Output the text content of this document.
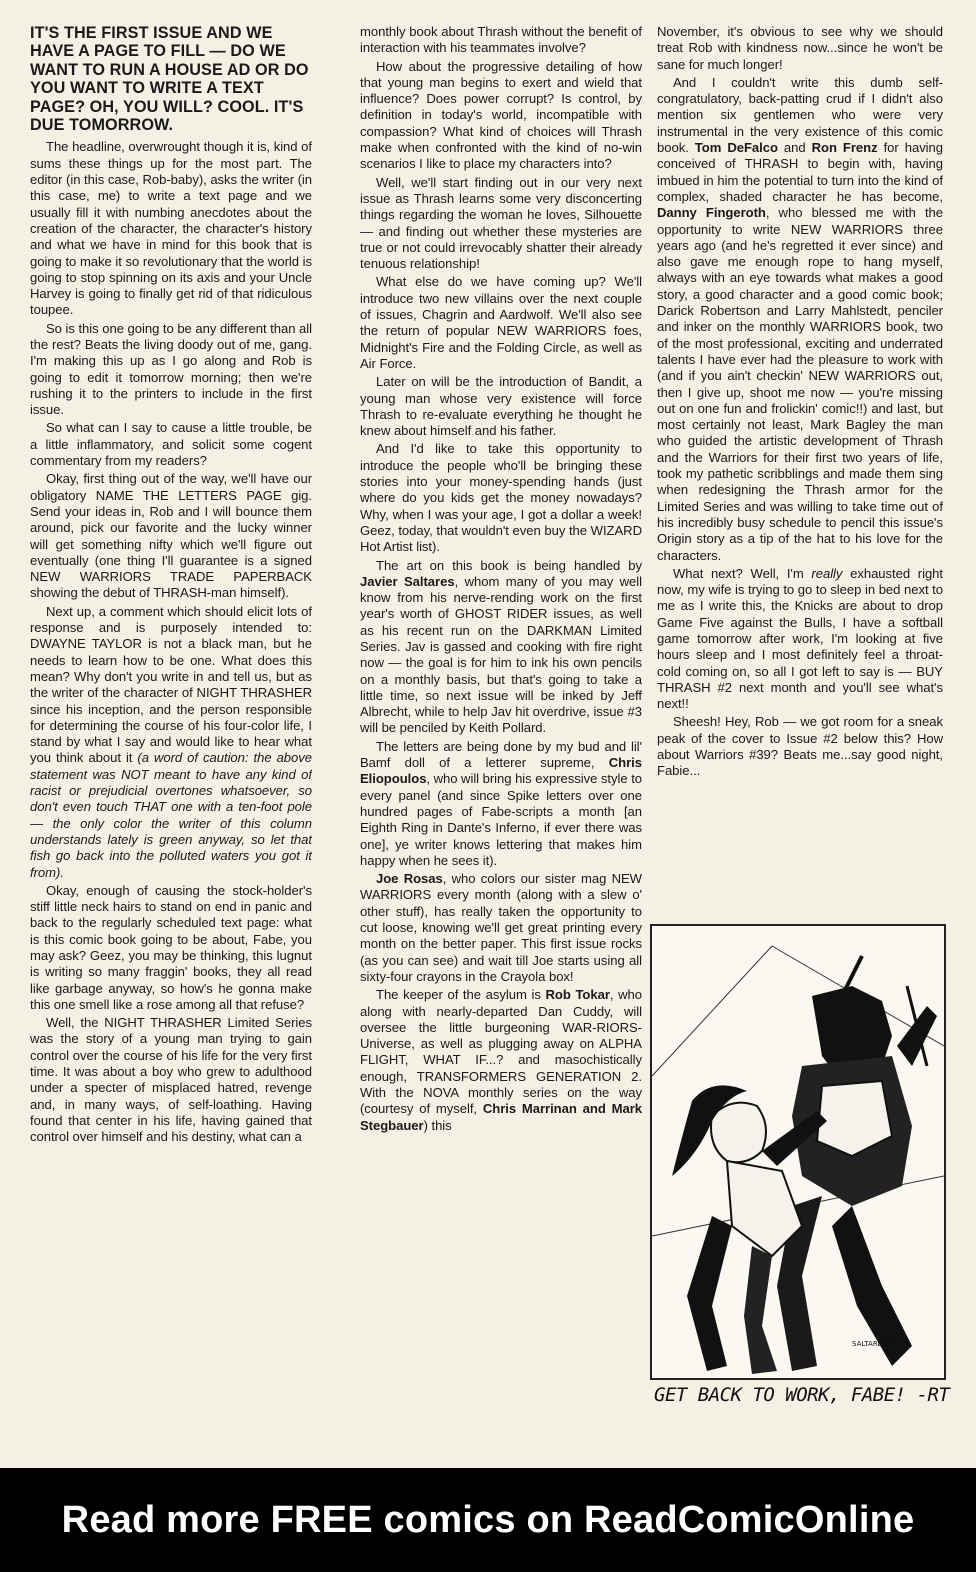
IT'S THE FIRST ISSUE AND WE HAVE A PAGE TO FILL — DO WE WANT TO RUN A HOUSE AD OR DO YOU WANT TO WRITE A TEXT PAGE? OH, YOU WILL? COOL. IT'S DUE TOMORROW.

The headline, overwrought though it is, kind of sums these things up for the most part. The editor (in this case, Rob-baby), asks the writer (in this case, me) to write a text page and we usually fill it with numbing anecdotes about the creation of the character, the character's history and what we have in mind for this book that is going to make it so revolutionary that the world is going to stop spinning on its axis and your Uncle Harvey is going to finally get rid of that ridiculous toupee.

So is this one going to be any different than all the rest? Beats the living doody out of me, gang. I'm making this up as I go along and Rob is going to edit it tomorrow morning; then we're rushing it to the printers to include in the first issue.

So what can I say to cause a little trouble, be a little inflammatory, and solicit some cogent commentary from my readers?

Okay, first thing out of the way, we'll have our obligatory NAME THE LETTERS PAGE gig. Send your ideas in, Rob and I will bounce them around, pick our favorite and the lucky winner will get something nifty which we'll figure out eventually (one thing I'll guarantee is a signed NEW WARRIORS TRADE PAPERBACK showing the debut of THRASH-man himself).

Next up, a comment which should elicit lots of response and is purposely intended to: DWAYNE TAYLOR is not a black man, but he needs to learn how to be one. What does this mean? Why don't you write in and tell us, but as the writer of the character of NIGHT THRASHER since his inception, and the person responsible for determining the course of his four-color life, I stand by what I say and would like to hear what you think about it (a word of caution: the above statement was NOT meant to have any kind of racist or prejudicial overtones whatsoever, so don't even touch THAT one with a ten-foot pole — the only color the writer of this column understands lately is green anyway, so let that fish go back into the polluted waters you got it from).

Okay, enough of causing the stock-holder's stiff little neck hairs to stand on end in panic and back to the regularly scheduled text page: what is this comic book going to be about, Fabe, you may ask? Geez, you may be thinking, this lugnut is writing so many fraggin' books, they all read like garbage anyway, so how's he gonna make this one smell like a rose among all that refuse?

Well, the NIGHT THRASHER Limited Series was the story of a young man trying to gain control over the course of his life for the very first time. It was about a boy who grew to adulthood under a specter of misplaced hatred, revenge and, in many ways, of self-loathing. Having found that center in his life, having gained that control over himself and his destiny, what can a

monthly book about Thrash without the benefit of interaction with his teammates involve?

How about the progressive detailing of how that young man begins to exert and wield that influence? Does power corrupt? Is control, by definition in today's world, incompatible with compassion? What kind of choices will Thrash make when confronted with the kind of no-win scenarios I like to place my characters into?

Well, we'll start finding out in our very next issue as Thrash learns some very disconcerting things regarding the woman he loves, Silhouette — and finding out whether these mysteries are true or not could irrevocably shatter their already tenuous relationship!

What else do we have coming up? We'll introduce two new villains over the next couple of issues, Chagrin and Aardwolf. We'll also see the return of popular NEW WARRIORS foes, Midnight's Fire and the Folding Circle, as well as Air Force.

Later on will be the introduction of Bandit, a young man whose very existence will force Thrash to re-evaluate everything he thought he knew about himself and his father.

And I'd like to take this opportunity to introduce the people who'll be bringing these stories into your money-spending hands (just where do you kids get the money nowadays? Why, when I was your age, I got a dollar a week! Geez, today, that wouldn't even buy the WIZARD Hot Artist list).

The art on this book is being handled by Javier Saltares, whom many of you may well know from his nerve-rending work on the first year's worth of GHOST RIDER issues, as well as his recent run on the DARKMAN Limited Series. Jav is gassed and cooking with fire right now — the goal is for him to ink his own pencils on a monthly basis, but that's going to take a little time, so next issue will be inked by Jeff Albrecht, while to help Jav hit overdrive, issue #3 will be penciled by Keith Pollard.

The letters are being done by my bud and lil' Bamf doll of a letterer supreme, Chris Eliopoulos, who will bring his expressive style to every panel (and since Spike letters over one hundred pages of Fabe-scripts a month [an Eighth Ring in Dante's Inferno, if ever there was one], ye writer knows lettering that makes him happy when he sees it).

Joe Rosas, who colors our sister mag NEW WARRIORS every month (along with a slew o' other stuff), has really taken the opportunity to cut loose, knowing we'll get great printing every month on the better paper. This first issue rocks (as you can see) and wait till Joe starts using all sixty-four crayons in the Crayola box!

The keeper of the asylum is Rob Tokar, who along with nearly-departed Dan Cuddy, will oversee the little burgeoning WAR-RIORS-Universe, as well as plugging away on ALPHA FLIGHT, WHAT IF...? and masochistically enough, TRANSFORMERS GENERATION 2. With the NOVA monthly series on the way (courtesy of myself, Chris Marrinan and Mark Stegbauer) this

November, it's obvious to see why we should treat Rob with kindness now...since he won't be sane for much longer!

And I couldn't write this dumb self-congratulatory, back-patting crud if I didn't also mention six gentlemen who were very instrumental in the very existence of this comic book. Tom DeFalco and Ron Frenz for having conceived of THRASH to begin with, having imbued in him the potential to turn into the kind of complex, shaded character he has become, Danny Fingeroth, who blessed me with the opportunity to write NEW WARRIORS three years ago (and he's regretted it ever since) and also gave me enough rope to hang myself, always with an eye towards what makes a good story, a good character and a good comic book; Darick Robertson and Larry Mahlstedt, penciler and inker on the monthly WARRIORS book, two of the most professional, exciting and underrated talents I have ever had the pleasure to work with (and if you ain't checkin' NEW WARRIORS out, then I give up, shoot me now — you're missing out on one fun and frolickin' comic!!) and last, but most certainly not least, Mark Bagley the man who guided the artistic development of Thrash and the Warriors for their first two years of life, took my pathetic scribblings and made them sing when redesigning the Thrash armor for the Limited Series and was willing to take time out of his incredibly busy schedule to pencil this issue's Origin story as a tip of the hat to his love for the characters.

What next? Well, I'm really exhausted right now, my wife is trying to go to sleep in bed next to me as I write this, the Knicks are about to drop Game Five against the Bulls, I have a softball game tomorrow after work, I'm looking at five hours sleep and I most definitely feel a throat-cold coming on, so all I got left to say is — BUY THRASH #2 next month and you'll see what's next!!

Sheesh! Hey, Rob — we got room for a sneak peak of the cover to Issue #2 below this? How about Warriors #39? Beats me...say good night, Fabie...

SALTARES 93
GET BACK TO WORK, FABE! -RT
Read more FREE comics on ReadComicOnline
